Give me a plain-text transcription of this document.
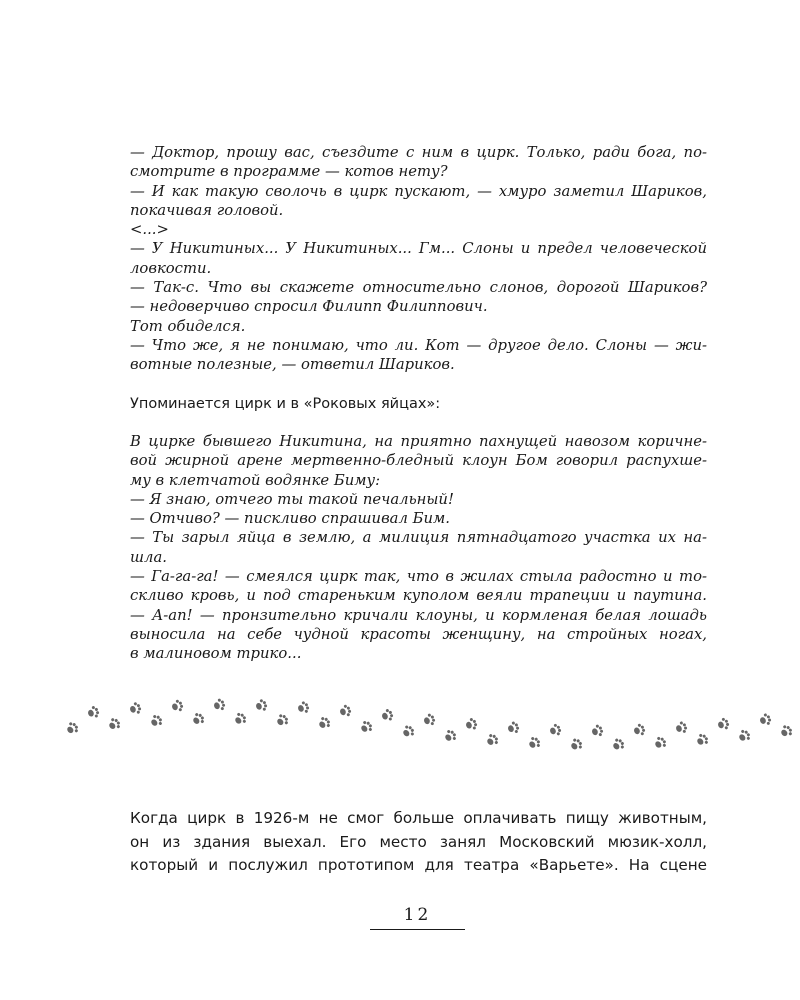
— Доктор, прошу вас, съездите с ним в цирк. Только, ради бога, по-

смотрите в программе — котов нету?

— И как такую сволочь в цирк пускают, — хмуро заметил Шариков,

покачивая головой.

<...>

— У Никитиных... У Никитиных... Гм... Слоны и предел человеческой

ловкости.

— Так-с. Что вы скажете относительно слонов, дорогой Шариков?

— недоверчиво спросил Филипп Филиппович.

Тот обиделся.

— Что же, я не понимаю, что ли. Кот — другое дело. Слоны — жи-

вотные полезные, — ответил Шариков.

Упоминается цирк и в «Роковых яйцах»:

В цирке бывшего Никитина, на приятно пахнущей навозом коричне-

вой жирной арене мертвенно-бледный клоун Бом говорил распухше-

му в клетчатой водянке Биму:

— Я знаю, отчего ты такой печальный!

— Отчиво? — пискливо спрашивал Бим.

— Ты зарыл яйца в землю, а милиция пятнадцатого участка их на-

шла.

— Га-га-га! — смеялся цирк так, что в жилах стыла радостно и то-

скливо кровь, и под стареньким куполом веяли трапеции и паутина.

— А-ап! — пронзительно кричали клоуны, и кормленая белая лошадь

выносила на себе чудной красоты женщину, на стройных ногах,

в малиновом трико...

Когда цирк в 1926-м не смог больше оплачивать пищу животным,

он из здания выехал. Его место занял Московский мюзик-холл,

который и послужил прототипом для театра «Варьете». На сцене

12
